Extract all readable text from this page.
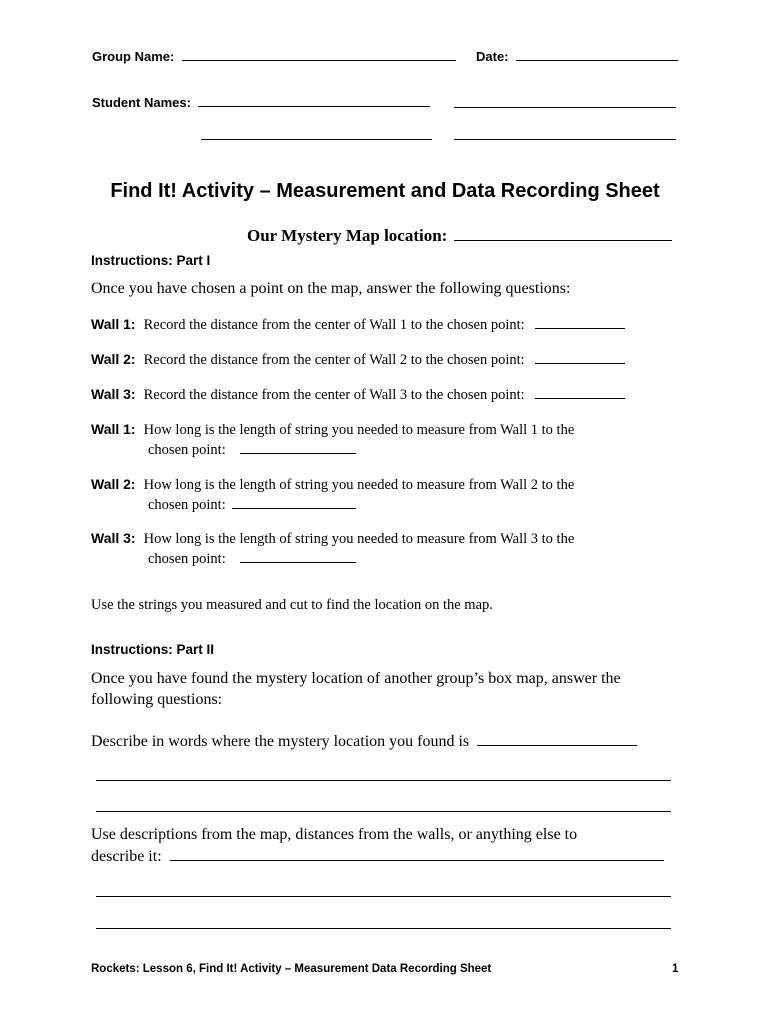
Group Name:	Date:
Student Names:
Find It! Activity – Measurement and Data Recording Sheet
Our Mystery Map location:
Instructions: Part I
Once you have chosen a point on the map, answer the following questions:
Wall 1: Record the distance from the center of Wall 1 to the chosen point:
Wall 2: Record the distance from the center of Wall 2 to the chosen point:
Wall 3: Record the distance from the center of Wall 3 to the chosen point:
Wall 1: How long is the length of string you needed to measure from Wall 1 to the
chosen point:
Wall 2: How long is the length of string you needed to measure from Wall 2 to the
chosen point:
Wall 3: How long is the length of string you needed to measure from Wall 3 to the
chosen point:
Use the strings you measured and cut to find the location on the map.
Instructions: Part II
Once you have found the mystery location of another group’s box map, answer the
following questions:
Describe in words where the mystery location you found is
Use descriptions from the map, distances from the walls, or anything else to
describe it:
Rockets: Lesson 6, Find It! Activity – Measurement Data Recording Sheet	1
